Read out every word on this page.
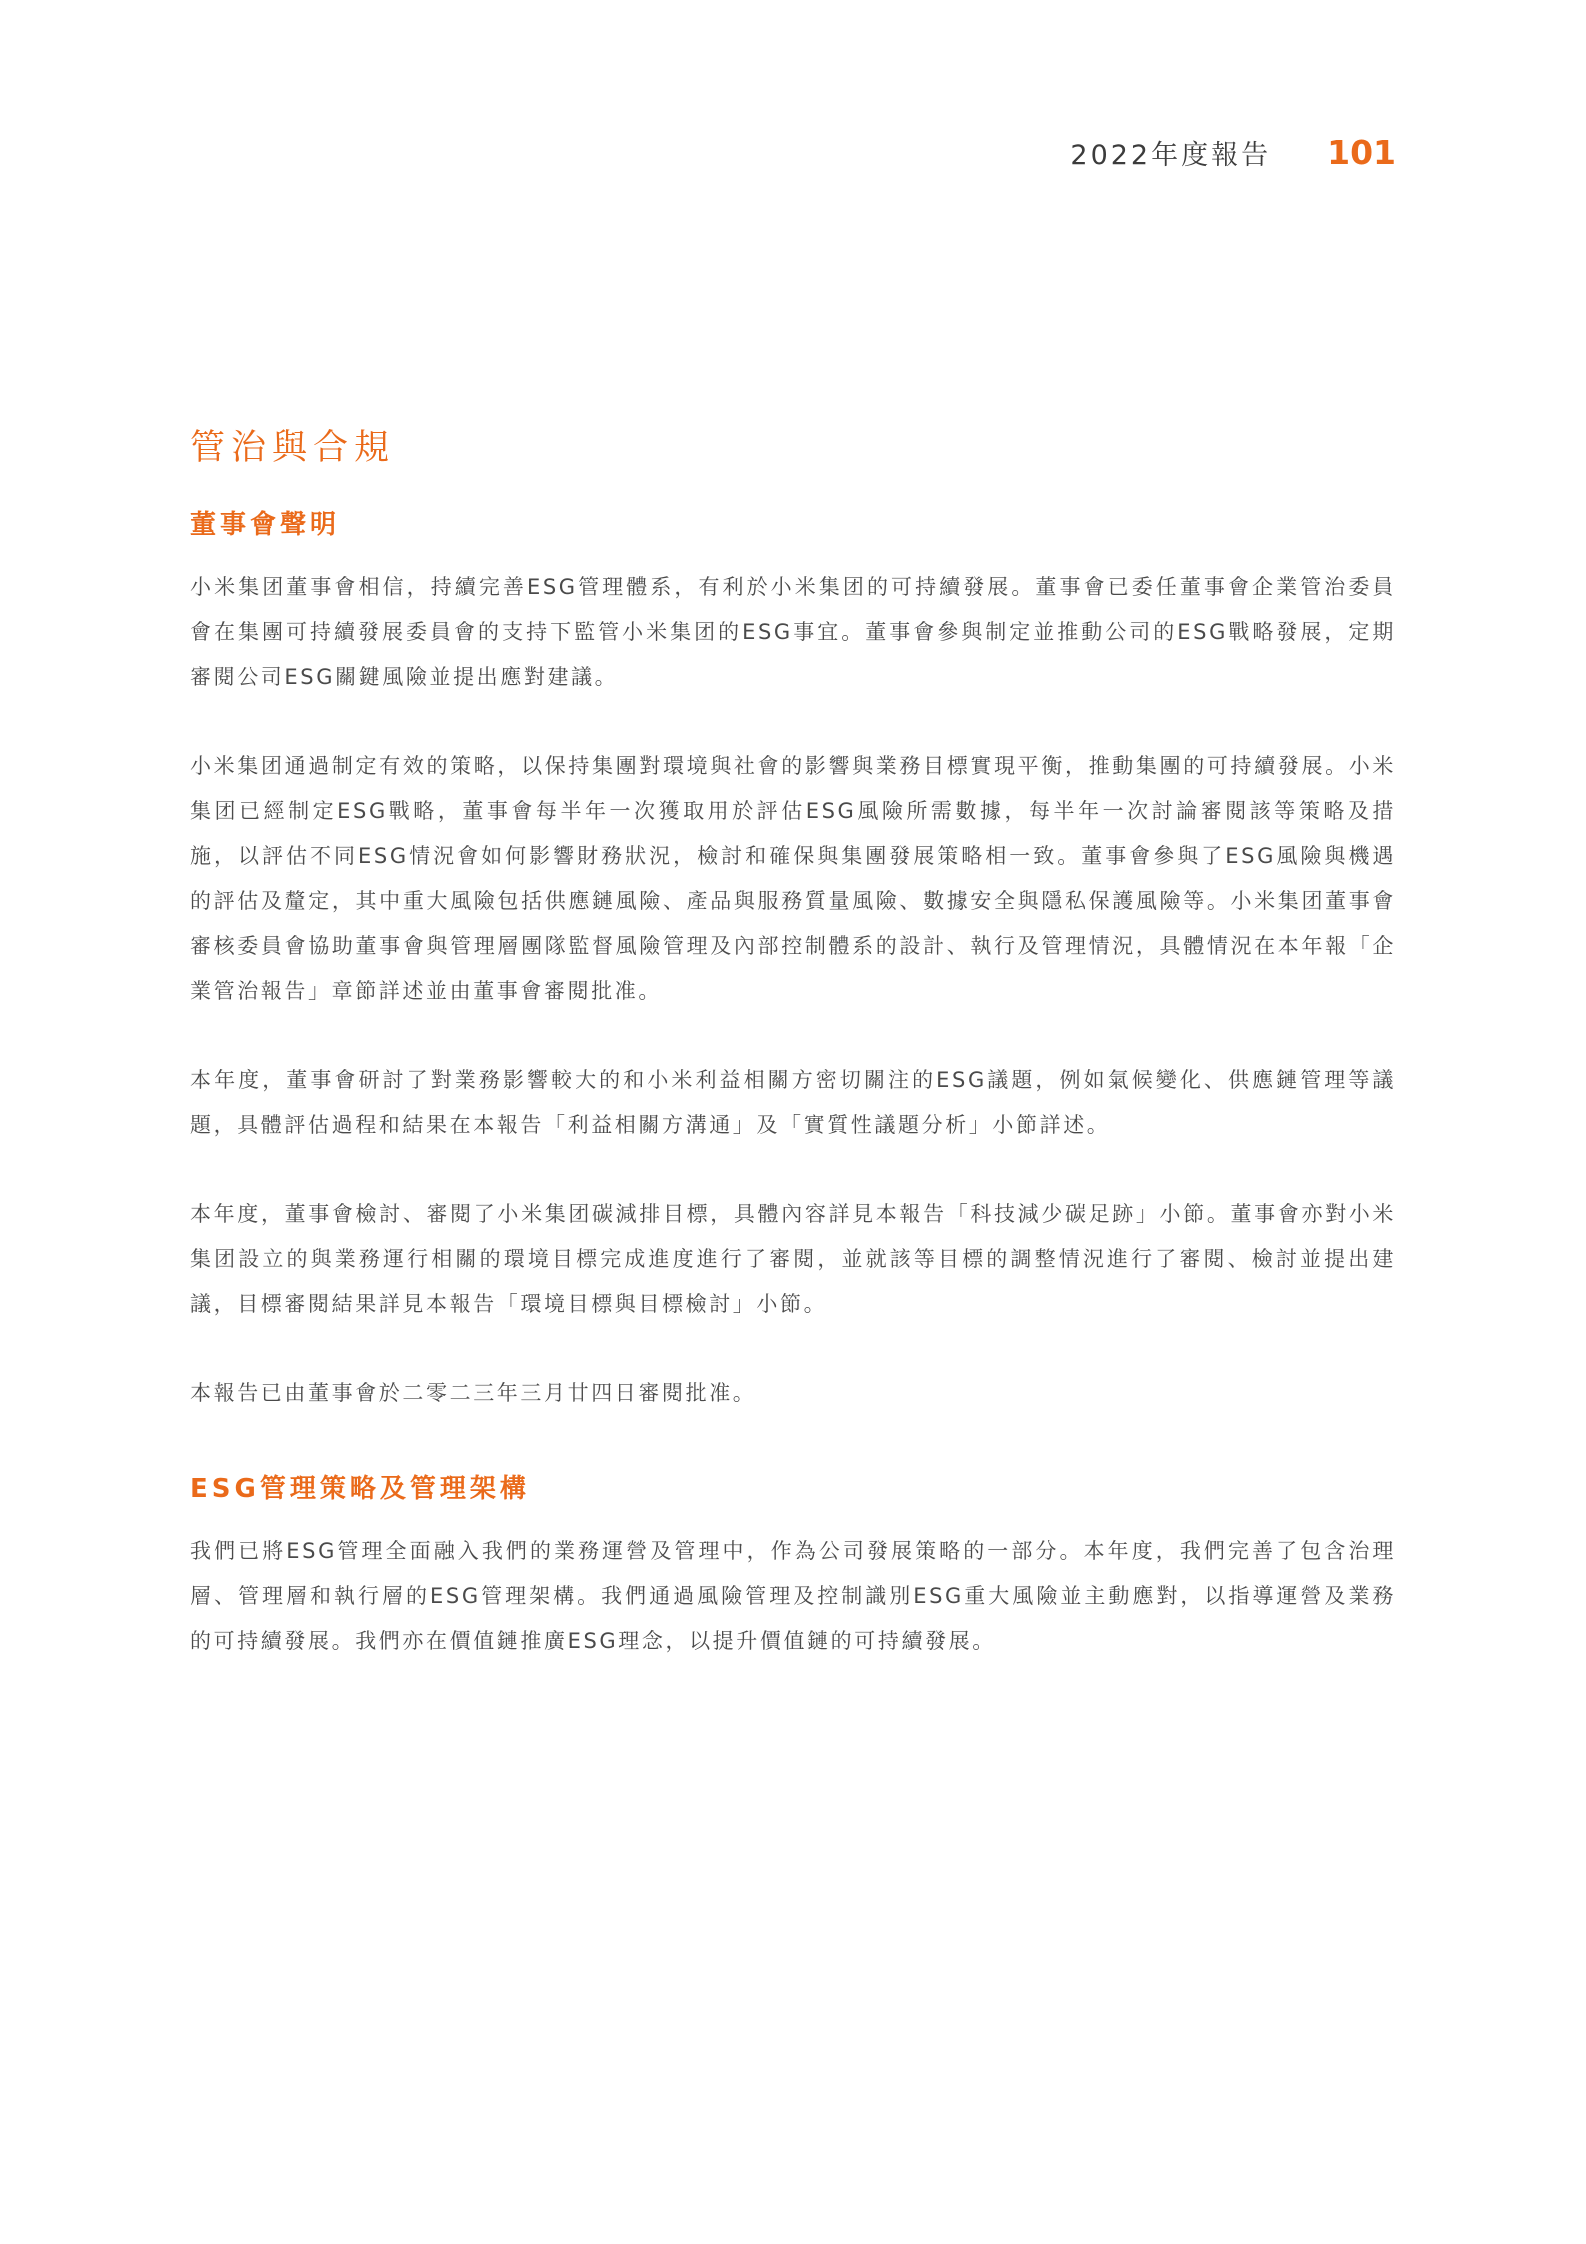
2022年度報告 101
管治與合規
董事會聲明

小米集团董事會相信，持續完善ESG管理體系，有利於小米集团的可持續發展。董事會已委任董事會企業管治委員會在集團可持續發展委員會的支持下監管小米集团的ESG事宜。董事會參與制定並推動公司的ESG戰略發展，定期審閱公司ESG關鍵風險並提出應對建議。

小米集团通過制定有效的策略，以保持集團對環境與社會的影響與業務目標實現平衡，推動集團的可持續發展。小米集团已經制定ESG戰略，董事會每半年一次獲取用於評估ESG風險所需數據，每半年一次討論審閱該等策略及措施，以評估不同ESG情況會如何影響財務狀況，檢討和確保與集團發展策略相一致。董事會參與了ESG風險與機遇的評估及釐定，其中重大風險包括供應鏈風險、產品與服務質量風險、數據安全與隱私保護風險等。小米集团董事會審核委員會協助董事會與管理層團隊監督風險管理及內部控制體系的設計、執行及管理情況，具體情況在本年報「企業管治報告」章節詳述並由董事會審閱批准。

本年度，董事會研討了對業務影響較大的和小米利益相關方密切關注的ESG議題，例如氣候變化、供應鏈管理等議題，具體評估過程和結果在本報告「利益相關方溝通」及「實質性議題分析」小節詳述。

本年度，董事會檢討、審閱了小米集团碳減排目標，具體內容詳見本報告「科技減少碳足跡」小節。董事會亦對小米集团設立的與業務運行相關的環境目標完成進度進行了審閱，並就該等目標的調整情況進行了審閱、檢討並提出建議，目標審閱結果詳見本報告「環境目標與目標檢討」小節。

本報告已由董事會於二零二三年三月廿四日審閱批准。

ESG管理策略及管理架構

我們已將ESG管理全面融入我們的業務運營及管理中，作為公司發展策略的一部分。本年度，我們完善了包含治理層、管理層和執行層的ESG管理架構。我們通過風險管理及控制識別ESG重大風險並主動應對，以指導運營及業務的可持續發展。我們亦在價值鏈推廣ESG理念，以提升價值鏈的可持續發展。
